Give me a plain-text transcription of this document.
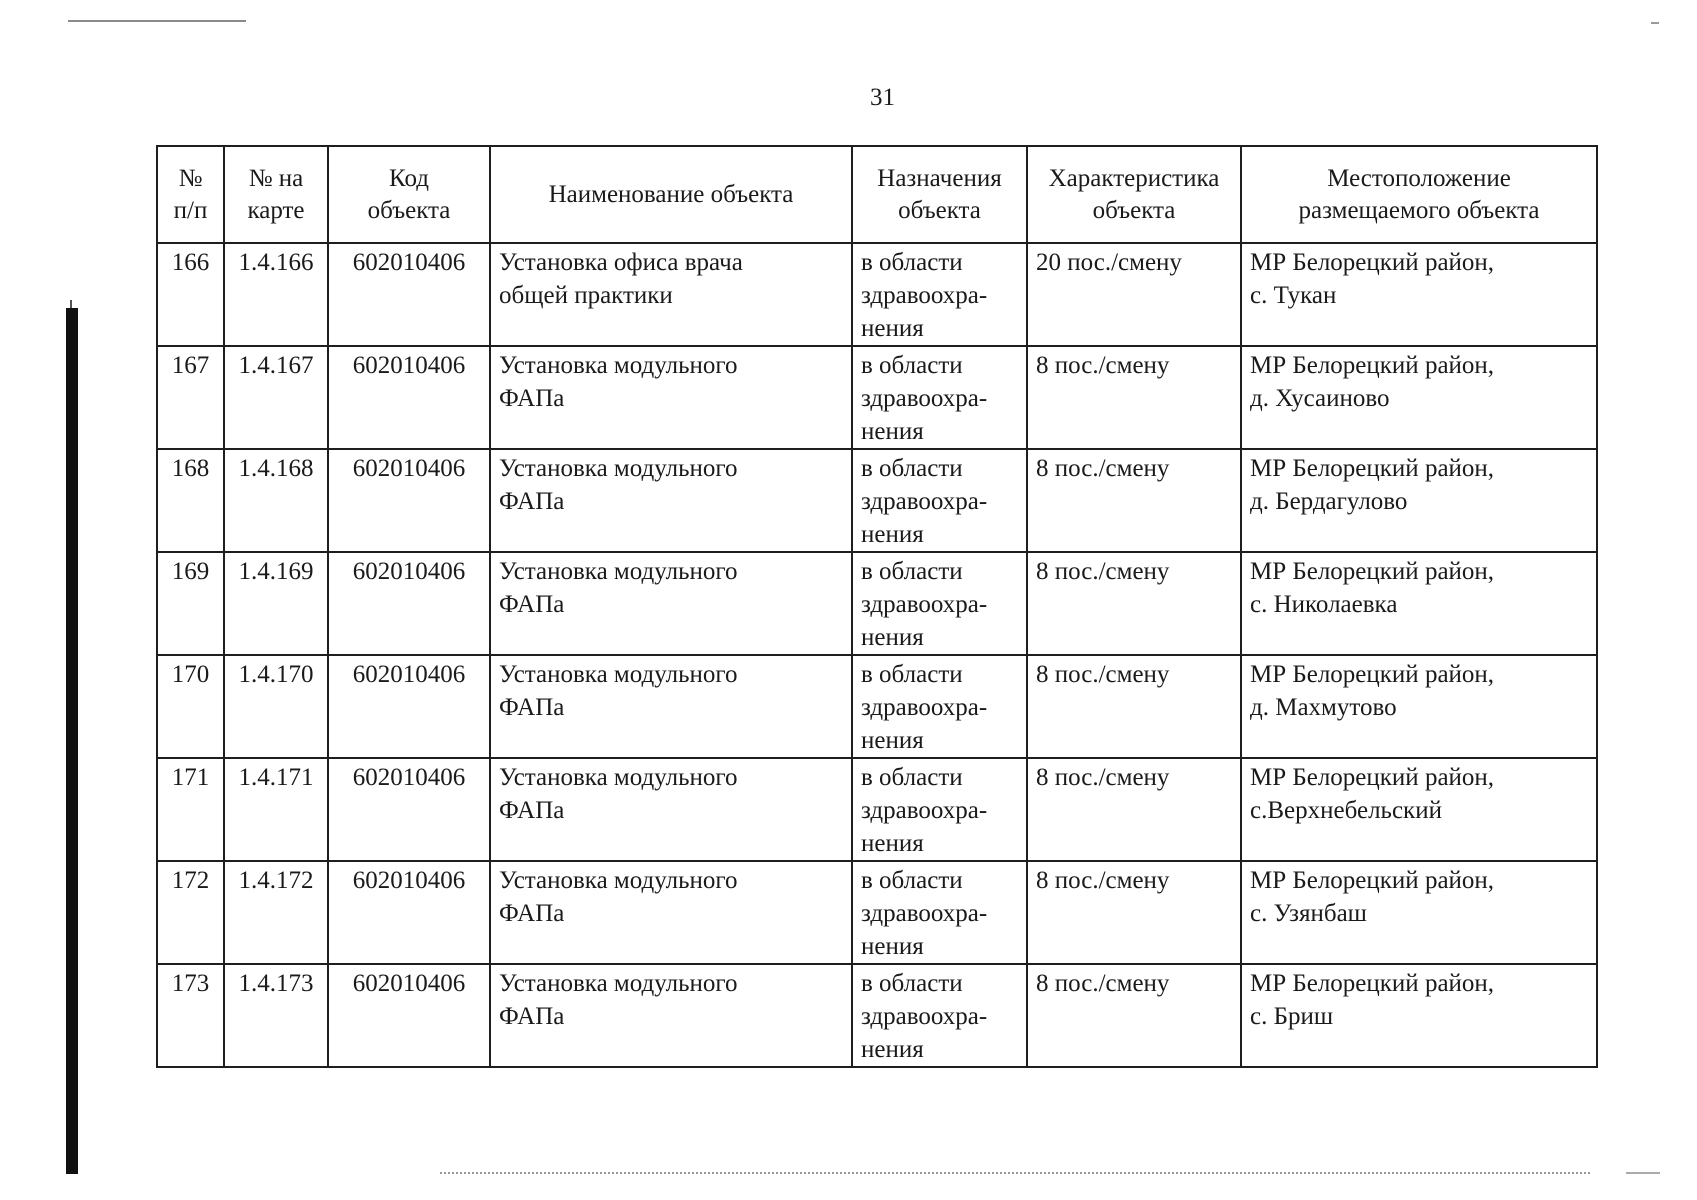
31
№
п/п	№ на
карте	Код
объекта	Наименование объекта	Назначения
объекта	Характеристика
объекта	Местоположение
размещаемого объекта
166	1.4.166	602010406	Установка офиса врача
общей практики	в области
здравоохра-
нения	20 пос./смену	МР Белорецкий район,
с. Тукан
167	1.4.167	602010406	Установка модульного
ФАПа	в области
здравоохра-
нения	8 пос./смену	МР Белорецкий район,
д. Хусаиново
168	1.4.168	602010406	Установка модульного
ФАПа	в области
здравоохра-
нения	8 пос./смену	МР Белорецкий район,
д. Бердагулово
169	1.4.169	602010406	Установка модульного
ФАПа	в области
здравоохра-
нения	8 пос./смену	МР Белорецкий район,
с. Николаевка
170	1.4.170	602010406	Установка модульного
ФАПа	в области
здравоохра-
нения	8 пос./смену	МР Белорецкий район,
д. Махмутово
171	1.4.171	602010406	Установка модульного
ФАПа	в области
здравоохра-
нения	8 пос./смену	МР Белорецкий район,
с.Верхнебельский
172	1.4.172	602010406	Установка модульного
ФАПа	в области
здравоохра-
нения	8 пос./смену	МР Белорецкий район,
с. Узянбаш
173	1.4.173	602010406	Установка модульного
ФАПа	в области
здравоохра-
нения	8 пос./смену	МР Белорецкий район,
с. Бриш
